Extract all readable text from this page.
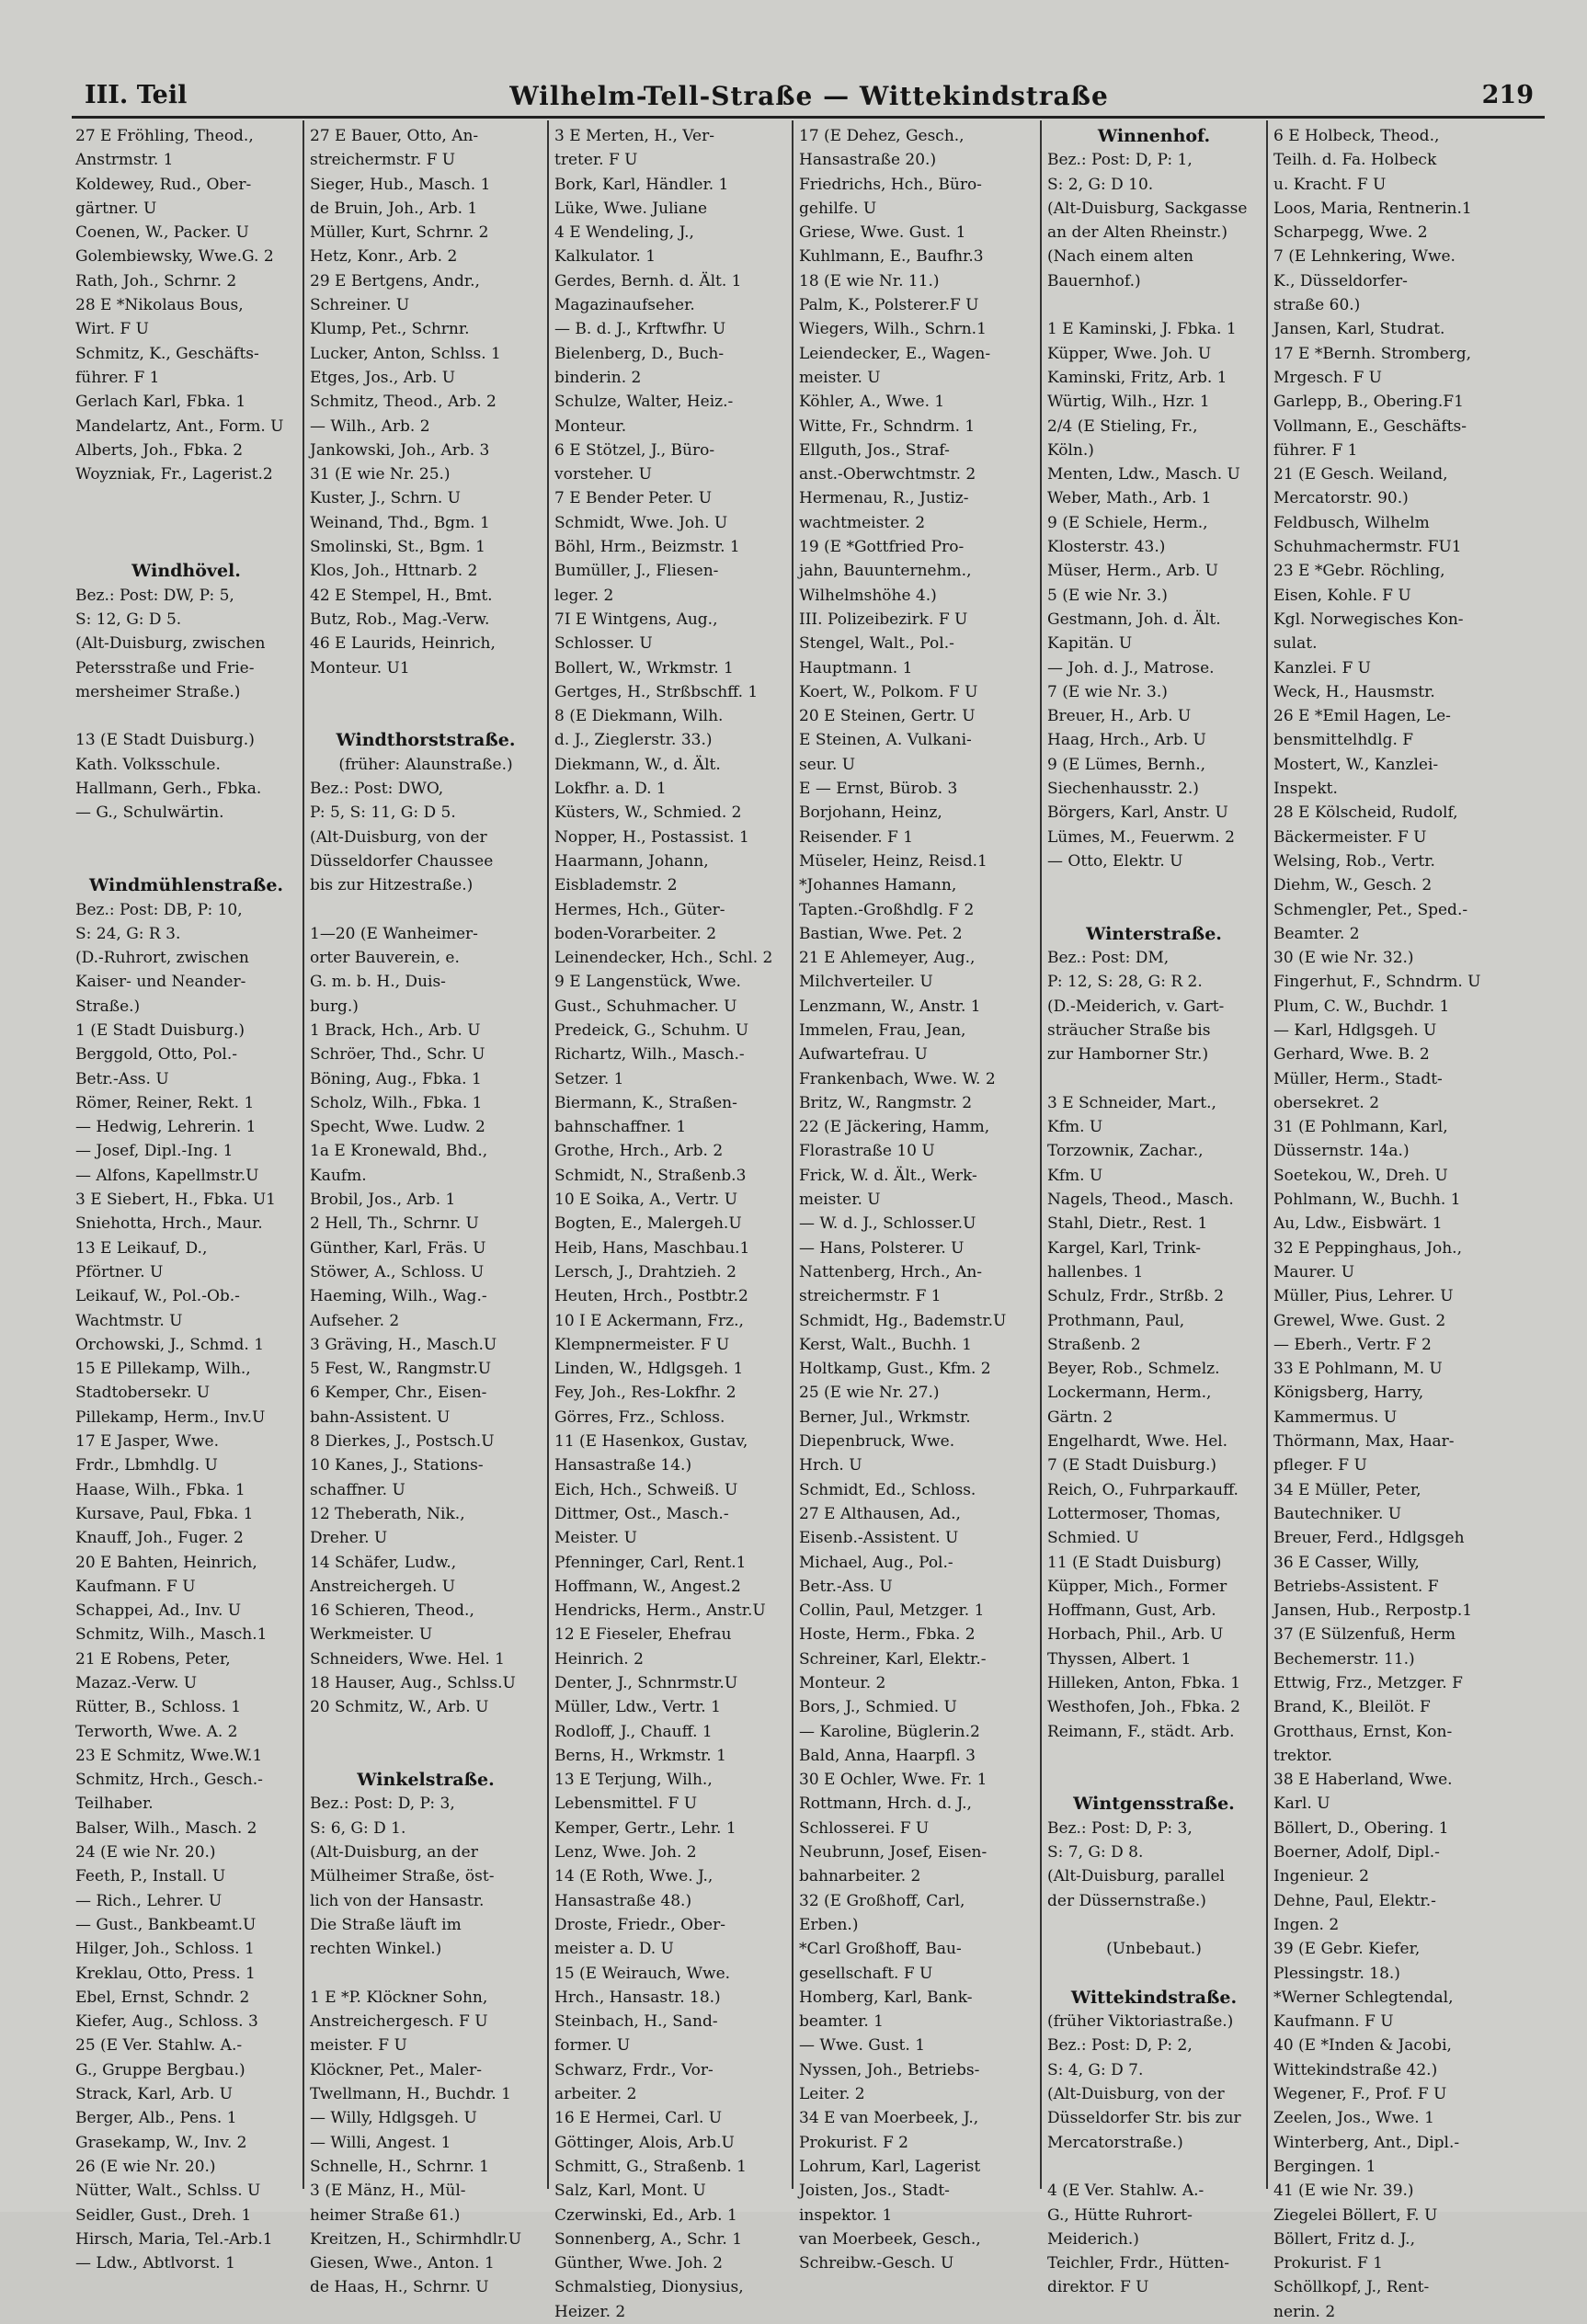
III. Teil	Wilhelm-Tell-Straße — Wittekindstraße	219
27 E Fröhling, Theod.,
Anstrmstr. 1
Koldewey, Rud., Ober-
gärtner. U
Coenen, W., Packer. U
Golembiewsky, Wwe.G. 2
Rath, Joh., Schrnr. 2
28 E *Nikolaus Bous,
Wirt. F U
Schmitz, K., Geschäfts-
führer. F 1
Gerlach Karl, Fbka. 1
Mandelartz, Ant., Form. U
Alberts, Joh., Fbka. 2
Woyzniak, Fr., Lagerist.2
Windhövel.
Bez.: Post: DW, P: 5,
S: 12, G: D 5.
(Alt-Duisburg, zwischen
Petersstraße und Frie-
mersheimer Straße.)
13 (E Stadt Duisburg.)
Kath. Volksschule.
Hallmann, Gerh., Fbka.
— G., Schulwärtin.
Windmühlenstraße.
Bez.: Post: DB, P: 10,
S: 24, G: R 3.
(D.-Ruhrort, zwischen
Kaiser- und Neander-
Straße.)
1 (E Stadt Duisburg.)
Berggold, Otto, Pol.-
Betr.-Ass. U
Römer, Reiner, Rekt. 1
— Hedwig, Lehrerin. 1
— Josef, Dipl.-Ing. 1
— Alfons, Kapellmstr.U
3 E Siebert, H., Fbka. U1
Sniehotta, Hrch., Maur.
13 E Leikauf, D.,
Pförtner. U
Leikauf, W., Pol.-Ob.-
Wachtmstr. U
Orchowski, J., Schmd. 1
15 E Pillekamp, Wilh.,
Stadtobersekr. U
Pillekamp, Herm., Inv.U
17 E Jasper, Wwe.
Frdr., Lbmhdlg. U
Haase, Wilh., Fbka. 1
Kursave, Paul, Fbka. 1
Knauff, Joh., Fuger. 2
20 E Bahten, Heinrich,
Kaufmann. F U
Schappei, Ad., Inv. U
Schmitz, Wilh., Masch.1
21 E Robens, Peter,
Mazaz.-Verw. U
Rütter, B., Schloss. 1
Terworth, Wwe. A. 2
23 E Schmitz, Wwe.W.1
Schmitz, Hrch., Gesch.-
Teilhaber.
Balser, Wilh., Masch. 2
24 (E wie Nr. 20.)
Feeth, P., Install. U
— Rich., Lehrer. U
— Gust., Bankbeamt.U
Hilger, Joh., Schloss. 1
Kreklau, Otto, Press. 1
Ebel, Ernst, Schndr. 2
Kiefer, Aug., Schloss. 3
25 (E Ver. Stahlw. A.-
G., Gruppe Bergbau.)
Strack, Karl, Arb. U
Berger, Alb., Pens. 1
Grasekamp, W., Inv. 2
26 (E wie Nr. 20.)
Nütter, Walt., Schlss. U
Seidler, Gust., Dreh. 1
Hirsch, Maria, Tel.-Arb.1
— Ldw., Abtlvorst. 1
27 E Bauer, Otto, An-
streichermstr. F U
Sieger, Hub., Masch. 1
de Bruin, Joh., Arb. 1
Müller, Kurt, Schrnr. 2
Hetz, Konr., Arb. 2
29 E Bertgens, Andr.,
Schreiner. U
Klump, Pet., Schrnr.
Lucker, Anton, Schlss. 1
Etges, Jos., Arb. U
Schmitz, Theod., Arb. 2
— Wilh., Arb. 2
Jankowski, Joh., Arb. 3
31 (E wie Nr. 25.)
Kuster, J., Schrn. U
Weinand, Thd., Bgm. 1
Smolinski, St., Bgm. 1
Klos, Joh., Httnarb. 2
42 E Stempel, H., Bmt.
Butz, Rob., Mag.-Verw.
46 E Laurids, Heinrich,
Monteur. U1
Windthorststraße.
(früher: Alaunstraße.)
Bez.: Post: DWO,
P: 5, S: 11, G: D 5.
(Alt-Duisburg, von der
Düsseldorfer Chaussee
bis zur Hitzestraße.)
1—20 (E Wanheimer-
orter Bauverein, e.
G. m. b. H., Duis-
burg.)
1 Brack, Hch., Arb. U
Schröer, Thd., Schr. U
Böning, Aug., Fbka. 1
Scholz, Wilh., Fbka. 1
Specht, Wwe. Ludw. 2
1a E Kronewald, Bhd.,
Kaufm.
Brobil, Jos., Arb. 1
2 Hell, Th., Schrnr. U
Günther, Karl, Fräs. U
Stöwer, A., Schloss. U
Haeming, Wilh., Wag.-
Aufseher. 2
3 Gräving, H., Masch.U
5 Fest, W., Rangmstr.U
6 Kemper, Chr., Eisen-
bahn-Assistent. U
8 Dierkes, J., Postsch.U
10 Kanes, J., Stations-
schaffner. U
12 Theberath, Nik.,
Dreher. U
14 Schäfer, Ludw.,
Anstreichergeh. U
16 Schieren, Theod.,
Werkmeister. U
Schneiders, Wwe. Hel. 1
18 Hauser, Aug., Schlss.U
20 Schmitz, W., Arb. U
Winkelstraße.
Bez.: Post: D, P: 3,
S: 6, G: D 1.
(Alt-Duisburg, an der
Mülheimer Straße, öst-
lich von der Hansastr.
Die Straße läuft im
rechten Winkel.)
1 E *P. Klöckner Sohn,
Anstreichergesch. F U
meister. F U
Klöckner, Pet., Maler-
Twellmann, H., Buchdr. 1
— Willy, Hdlgsgeh. U
— Willi, Angest. 1
Schnelle, H., Schrnr. 1
3 (E Mänz, H., Mül-
heimer Straße 61.)
Kreitzen, H., Schirmhdlr.U
Giesen, Wwe., Anton. 1
de Haas, H., Schrnr. U
3 E Merten, H., Ver-
treter. F U
Bork, Karl, Händler. 1
Lüke, Wwe. Juliane
4 E Wendeling, J.,
Kalkulator. 1
Gerdes, Bernh. d. Ält. 1
Magazinaufseher.
— B. d. J., Krftwfhr. U
Bielenberg, D., Buch-
binderin. 2
Schulze, Walter, Heiz.-
Monteur.
6 E Stötzel, J., Büro-
vorsteher. U
7 E Bender Peter. U
Schmidt, Wwe. Joh. U
Böhl, Hrm., Beizmstr. 1
Bumüller, J., Fliesen-
leger. 2
7I E Wintgens, Aug.,
Schlosser. U
Bollert, W., Wrkmstr. 1
Gertges, H., Strßbschff. 1
8 (E Diekmann, Wilh.
d. J., Zieglerstr. 33.)
Diekmann, W., d. Ält.
Lokfhr. a. D. 1
Küsters, W., Schmied. 2
Nopper, H., Postassist. 1
Haarmann, Johann,
Eisblademstr. 2
Hermes, Hch., Güter-
boden-Vorarbeiter. 2
Leinendecker, Hch., Schl. 2
9 E Langenstück, Wwe.
Gust., Schuhmacher. U
Predeick, G., Schuhm. U
Richartz, Wilh., Masch.-
Setzer. 1
Biermann, K., Straßen-
bahnschaffner. 1
Grothe, Hrch., Arb. 2
Schmidt, N., Straßenb.3
10 E Soika, A., Vertr. U
Bogten, E., Malergeh.U
Heib, Hans, Maschbau.1
Lersch, J., Drahtzieh. 2
Heuten, Hrch., Postbtr.2
10 I E Ackermann, Frz.,
Klempnermeister. F U
Linden, W., Hdlgsgeh. 1
Fey, Joh., Res-Lokfhr. 2
Görres, Frz., Schloss.
11 (E Hasenkox, Gustav,
Hansastraße 14.)
Eich, Hch., Schweiß. U
Dittmer, Ost., Masch.-
Meister. U
Pfenninger, Carl, Rent.1
Hoffmann, W., Angest.2
Hendricks, Herm., Anstr.U
12 E Fieseler, Ehefrau
Heinrich. 2
Denter, J., Schnrmstr.U
Müller, Ldw., Vertr. 1
Rodloff, J., Chauff. 1
Berns, H., Wrkmstr. 1
13 E Terjung, Wilh.,
Lebensmittel. F U
Kemper, Gertr., Lehr. 1
Lenz, Wwe. Joh. 2
14 (E Roth, Wwe. J.,
Hansastraße 48.)
Droste, Friedr., Ober-
meister a. D. U
15 (E Weirauch, Wwe.
Hrch., Hansastr. 18.)
Steinbach, H., Sand-
former. U
Schwarz, Frdr., Vor-
arbeiter. 2
16 E Hermei, Carl. U
Göttinger, Alois, Arb.U
Schmitt, G., Straßenb. 1
Salz, Karl, Mont. U
Czerwinski, Ed., Arb. 1
Sonnenberg, A., Schr. 1
Günther, Wwe. Joh. 2
Schmalstieg, Dionysius,
Heizer. 2
17 (E Dehez, Gesch.,
Hansastraße 20.)
Friedrichs, Hch., Büro-
gehilfe. U
Griese, Wwe. Gust. 1
Kuhlmann, E., Baufhr.3
18 (E wie Nr. 11.)
Palm, K., Polsterer.F U
Wiegers, Wilh., Schrn.1
Leiendecker, E., Wagen-
meister. U
Köhler, A., Wwe. 1
Witte, Fr., Schndrm. 1
Ellguth, Jos., Straf-
anst.-Oberwchtmstr. 2
Hermenau, R., Justiz-
wachtmeister. 2
19 (E *Gottfried Pro-
jahn, Bauunternehm.,
Wilhelmshöhe 4.)
III. Polizeibezirk. F U
Stengel, Walt., Pol.-
Hauptmann. 1
Koert, W., Polkom. F U
20 E Steinen, Gertr. U
E Steinen, A. Vulkani-
seur. U
E — Ernst, Bürob. 3
Borjohann, Heinz,
Reisender. F 1
Müseler, Heinz, Reisd.1
*Johannes Hamann,
Tapten.-Großhdlg. F 2
Bastian, Wwe. Pet. 2
21 E Ahlemeyer, Aug.,
Milchverteiler. U
Lenzmann, W., Anstr. 1
Immelen, Frau, Jean,
Aufwartefrau. U
Frankenbach, Wwe. W. 2
Britz, W., Rangmstr. 2
22 (E Jäckering, Hamm,
Florastraße 10 U
Frick, W. d. Ält., Werk-
meister. U
— W. d. J., Schlosser.U
— Hans, Polsterer. U
Nattenberg, Hrch., An-
streichermstr. F 1
Schmidt, Hg., Bademstr.U
Kerst, Walt., Buchh. 1
Holtkamp, Gust., Kfm. 2
25 (E wie Nr. 27.)
Berner, Jul., Wrkmstr.
Diepenbruck, Wwe.
Hrch. U
Schmidt, Ed., Schloss.
27 E Althausen, Ad.,
Eisenb.-Assistent. U
Michael, Aug., Pol.-
Betr.-Ass. U
Collin, Paul, Metzger. 1
Hoste, Herm., Fbka. 2
Schreiner, Karl, Elektr.-
Monteur. 2
Bors, J., Schmied. U
— Karoline, Büglerin.2
Bald, Anna, Haarpfl. 3
30 E Ochler, Wwe. Fr. 1
Rottmann, Hrch. d. J.,
Schlosserei. F U
Neubrunn, Josef, Eisen-
bahnarbeiter. 2
32 (E Großhoff, Carl,
Erben.)
*Carl Großhoff, Bau-
gesellschaft. F U
Homberg, Karl, Bank-
beamter. 1
— Wwe. Gust. 1
Nyssen, Joh., Betriebs-
Leiter. 2
34 E van Moerbeek, J.,
Prokurist. F 2
Lohrum, Karl, Lagerist
Joisten, Jos., Stadt-
inspektor. 1
van Moerbeek, Gesch.,
Schreibw.-Gesch. U
Winnenhof.
Bez.: Post: D, P: 1,
S: 2, G: D 10.
(Alt-Duisburg, Sackgasse
an der Alten Rheinstr.)
(Nach einem alten
Bauernhof.)
1 E Kaminski, J. Fbka. 1
Küpper, Wwe. Joh. U
Kaminski, Fritz, Arb. 1
Würtig, Wilh., Hzr. 1
2/4 (E Stieling, Fr.,
Köln.)
Menten, Ldw., Masch. U
Weber, Math., Arb. 1
9 (E Schiele, Herm.,
Klosterstr. 43.)
Müser, Herm., Arb. U
5 (E wie Nr. 3.)
Gestmann, Joh. d. Ält.
Kapitän. U
— Joh. d. J., Matrose.
7 (E wie Nr. 3.)
Breuer, H., Arb. U
Haag, Hrch., Arb. U
9 (E Lümes, Bernh.,
Siechenhausstr. 2.)
Börgers, Karl, Anstr. U
Lümes, M., Feuerwm. 2
— Otto, Elektr. U
Winterstraße.
Bez.: Post: DM,
P: 12, S: 28, G: R 2.
(D.-Meiderich, v. Gart-
sträucher Straße bis
zur Hamborner Str.)
3 E Schneider, Mart.,
Kfm. U
Torzowniк, Zachar.,
Kfm. U
Nagels, Theod., Masch.
Stahl, Dietr., Rest. 1
Kargel, Karl, Trink-
hallenbes. 1
Schulz, Frdr., Strßb. 2
Prothmann, Paul,
Straßenb. 2
Beyer, Rob., Schmelz.
Lockermann, Herm.,
Gärtn. 2
Engelhardt, Wwe. Hel.
7 (E Stadt Duisburg.)
Reich, O., Fuhrparkauff.
Lottermoser, Thomas,
Schmied. U
11 (E Stadt Duisburg)
Küpper, Mich., Former
Hoffmann, Gust, Arb.
Horbach, Phil., Arb. U
Thyssen, Albert. 1
Hilleken, Anton, Fbka. 1
Westhofen, Joh., Fbka. 2
Reimann, F., städt. Arb.
Wintgensstraße.
Bez.: Post: D, P: 3,
S: 7, G: D 8.
(Alt-Duisburg, parallel
der Düssernstraße.)
(Unbebaut.)
Wittekindstraße.
(früher Viktoriastraße.)
Bez.: Post: D, P: 2,
S: 4, G: D 7.
(Alt-Duisburg, von der
Düsseldorfer Str. bis zur
Mercatorstraße.)
4 (E Ver. Stahlw. A.-
G., Hütte Ruhrort-
Meiderich.)
Teichler, Frdr., Hütten-
direktor. F U
6 E Holbeck, Theod.,
Teilh. d. Fa. Holbeck
u. Kracht. F U
Loos, Maria, Rentnerin.1
Scharpegg, Wwe. 2
7 (E Lehnkering, Wwe.
K., Düsseldorfer-
straße 60.)
Jansen, Karl, Studrat.
17 E *Bernh. Stromberg,
Mrgesch. F U
Garlepp, B., Obering.F1
Vollmann, E., Geschäfts-
führer. F 1
21 (E Gesch. Weiland,
Mercatorstr. 90.)
Feldbusch, Wilhelm
Schuhmachermstr. FU1
23 E *Gebr. Röchling,
Eisen, Kohle. F U
Kgl. Norwegisches Kon-
sulat.
Kanzlei. F U
Weck, H., Hausmstr.
26 E *Emil Hagen, Le-
bensmittelhdlg. F
Mostert, W., Kanzlei-
Inspekt.
28 E Kölscheid, Rudolf,
Bäckermeister. F U
Welsing, Rob., Vertr.
Diehm, W., Gesch. 2
Schmengler, Pet., Sped.-
Beamter. 2
30 (E wie Nr. 32.)
Fingerhut, F., Schndrm. U
Plum, C. W., Buchdr. 1
— Karl, Hdlgsgeh. U
Gerhard, Wwe. B. 2
Müller, Herm., Stadt-
obersekret. 2
31 (E Pohlmann, Karl,
Düssernstr. 14a.)
Soetekou, W., Dreh. U
Pohlmann, W., Buchh. 1
Au, Ldw., Eisbwärt. 1
32 E Peppinghaus, Joh.,
Maurer. U
Müller, Pius, Lehrer. U
Grewel, Wwe. Gust. 2
— Eberh., Vertr. F 2
33 E Pohlmann, M. U
Königsberg, Harry,
Kammermus. U
Thörmann, Max, Haar-
pfleger. F U
34 E Müller, Peter,
Bautechniker. U
Breuer, Ferd., Hdlgsgeh
36 E Casser, Willy,
Betriebs-Assistent. F
Jansen, Hub., Rerpostp.1
37 (E Sülzenfuß, Herm
Bechemerstr. 11.)
Ettwig, Frz., Metzger. F
Brand, K., Bleilöt. F
Grotthaus, Ernst, Kon-
trektor.
38 E Haberland, Wwe.
Karl. U
Böllert, D., Obering. 1
Boerner, Adolf, Dipl.-
Ingenieur. 2
Dehne, Paul, Elektr.-
Ingen. 2
39 (E Gebr. Kiefer,
Plessingstr. 18.)
*Werner Schlegtendal,
Kaufmann. F U
40 (E *Inden & Jacobi,
Wittekindstraße 42.)
Wegener, F., Prof. F U
Zeelen, Jos., Wwe. 1
Winterberg, Ant., Dipl.-
Bergingen. 1
41 (E wie Nr. 39.)
Ziegelei Böllert, F. U
Böllert, Fritz d. J.,
Prokurist. F 1
Schöllkopf, J., Rent-
nerin. 2
